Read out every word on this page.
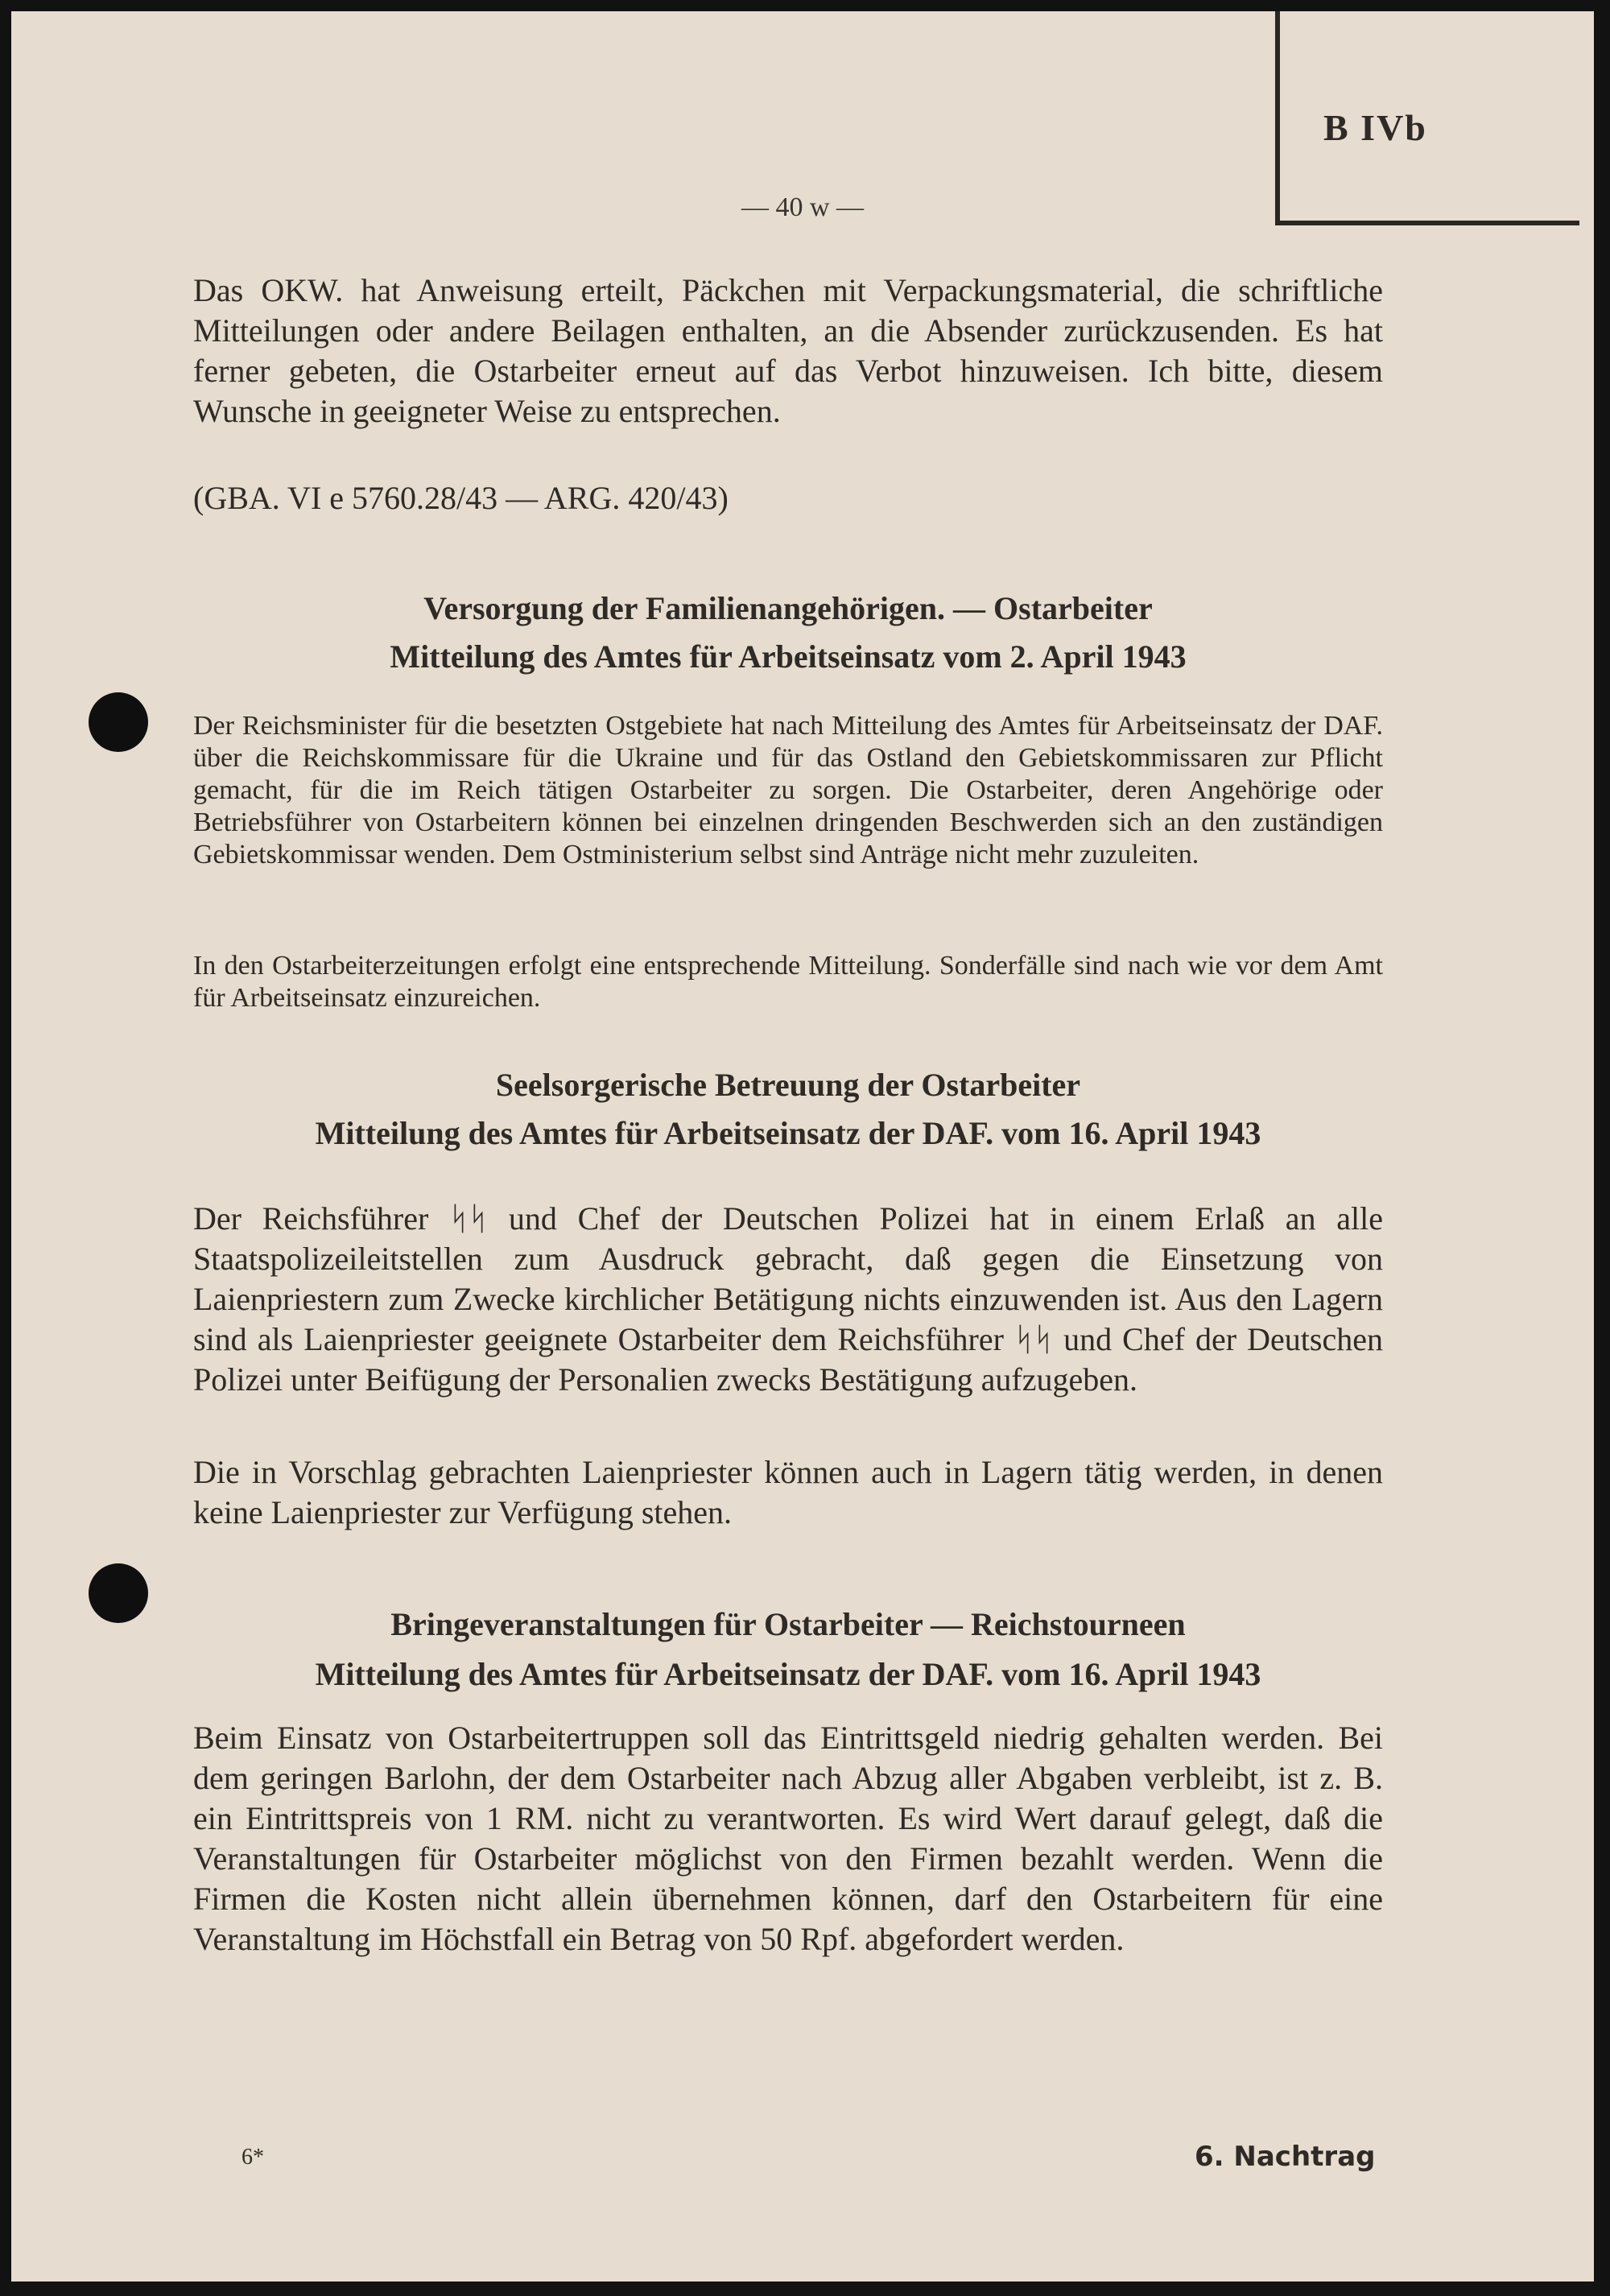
B IVb
— 40 w —
Das OKW. hat Anweisung erteilt, Päckchen mit Verpackungsmaterial, die schriftliche Mitteilungen oder andere Beilagen enthalten, an die Absender zurückzusenden. Es hat ferner gebeten, die Ostarbeiter erneut auf das Verbot hinzuweisen. Ich bitte, diesem Wunsche in geeigneter Weise zu entsprechen.
(GBA. VI e 5760.28/43 — ARG. 420/43)
Versorgung der Familienangehörigen. — Ostarbeiter
Mitteilung des Amtes für Arbeitseinsatz vom 2. April 1943
Der Reichsminister für die besetzten Ostgebiete hat nach Mitteilung des Amtes für Arbeitseinsatz der DAF. über die Reichskommissare für die Ukraine und für das Ostland den Gebietskommissaren zur Pflicht gemacht, für die im Reich tätigen Ostarbeiter zu sorgen. Die Ostarbeiter, deren Angehörige oder Betriebsführer von Ostarbeitern können bei einzelnen dringenden Beschwerden sich an den zuständigen Gebietskommissar wenden. Dem Ostministerium selbst sind Anträge nicht mehr zuzuleiten.
In den Ostarbeiterzeitungen erfolgt eine entsprechende Mitteilung. Sonderfälle sind nach wie vor dem Amt für Arbeitseinsatz einzureichen.
Seelsorgerische Betreuung der Ostarbeiter
Mitteilung des Amtes für Arbeitseinsatz der DAF. vom 16. April 1943
Der Reichsführer ᛋᛋ und Chef der Deutschen Polizei hat in einem Erlaß an alle Staatspolizeileitstellen zum Ausdruck gebracht, daß gegen die Einsetzung von Laienpriestern zum Zwecke kirchlicher Betätigung nichts einzuwenden ist. Aus den Lagern sind als Laienpriester geeignete Ostarbeiter dem Reichsführer ᛋᛋ und Chef der Deutschen Polizei unter Beifügung der Personalien zwecks Bestätigung aufzugeben.
Die in Vorschlag gebrachten Laienpriester können auch in Lagern tätig werden, in denen keine Laienpriester zur Verfügung stehen.
Bringeveranstaltungen für Ostarbeiter — Reichstourneen
Mitteilung des Amtes für Arbeitseinsatz der DAF. vom 16. April 1943
Beim Einsatz von Ostarbeitertruppen soll das Eintrittsgeld niedrig gehalten werden. Bei dem geringen Barlohn, der dem Ostarbeiter nach Abzug aller Abgaben verbleibt, ist z. B. ein Eintrittspreis von 1 RM. nicht zu verantworten. Es wird Wert darauf gelegt, daß die Veranstaltungen für Ostarbeiter möglichst von den Firmen bezahlt werden. Wenn die Firmen die Kosten nicht allein übernehmen können, darf den Ostarbeitern für eine Veranstaltung im Höchstfall ein Betrag von 50 Rpf. abgefordert werden.
6*	6. Nachtrag
